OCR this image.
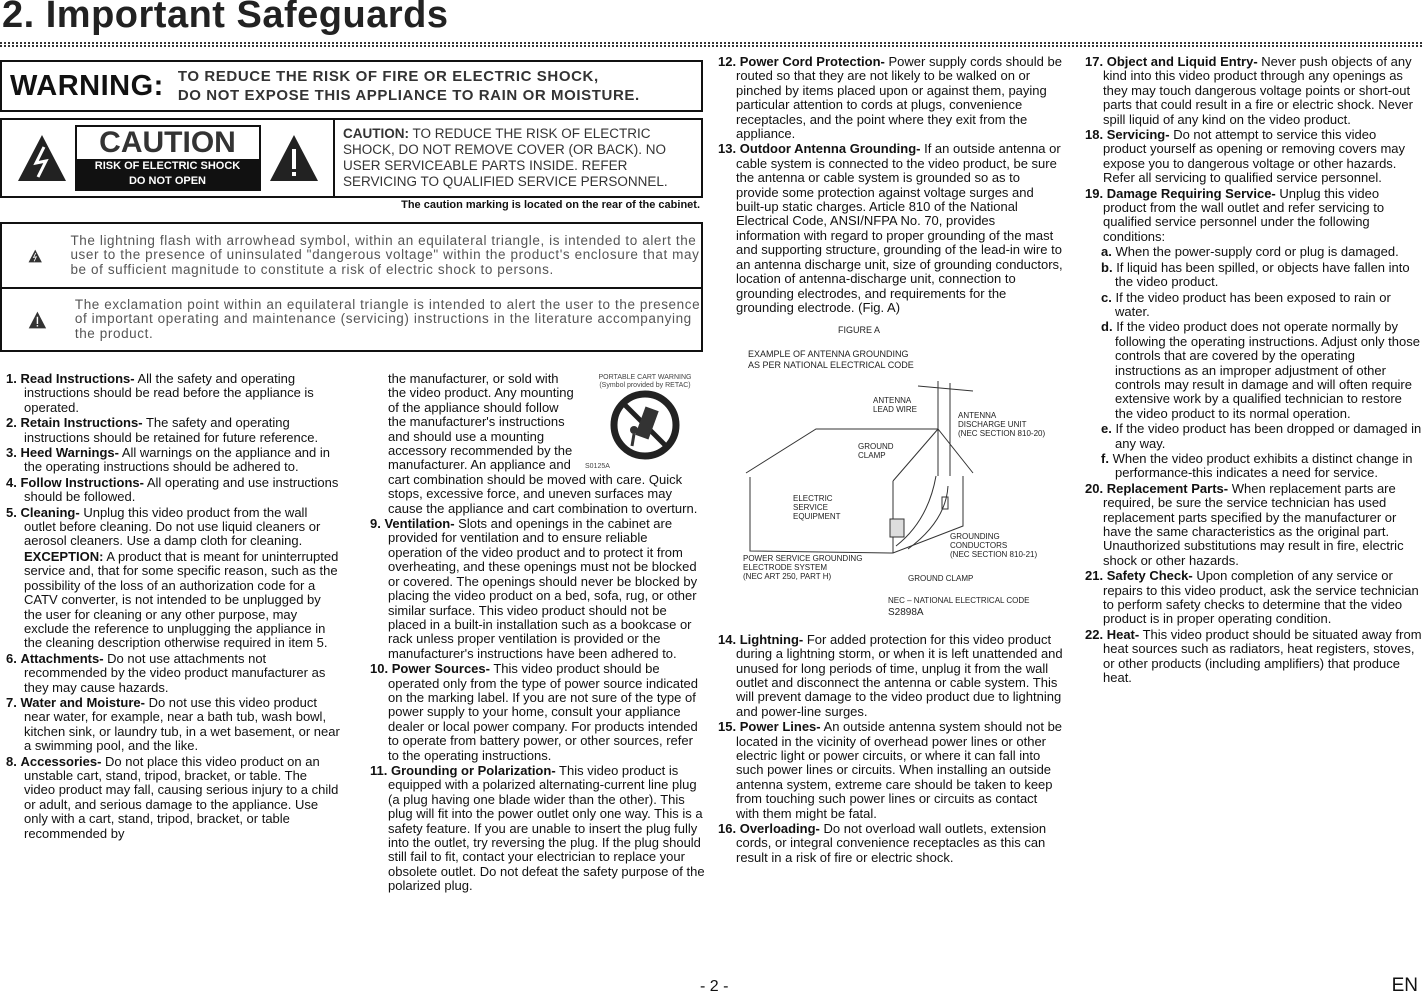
2. Important Safeguards
WARNING: TO REDUCE THE RISK OF FIRE OR ELECTRIC SHOCK,
DO NOT EXPOSE THIS APPLIANCE TO RAIN OR MOISTURE.
CAUTION
RISK OF ELECTRIC SHOCK
DO NOT OPEN
CAUTION: TO REDUCE THE RISK OF ELECTRIC SHOCK, DO NOT REMOVE COVER (OR BACK). NO USER SERVICEABLE PARTS INSIDE. REFER SERVICING TO QUALIFIED SERVICE PERSONNEL.
The caution marking is located on the rear of the cabinet.
The lightning flash with arrowhead symbol, within an equilateral triangle, is intended to alert the user to the presence of uninsulated "dangerous voltage" within the product's enclosure that may be of sufficient magnitude to constitute a risk of electric shock to persons.
The exclamation point within an equilateral triangle is intended to alert the user to the presence of important operating and maintenance (servicing) instructions in the literature accompanying the product.
1. Read Instructions- All the safety and operating instructions should be read before the appliance is operated.
2. Retain Instructions- The safety and operating instructions should be retained for future reference.
3. Heed Warnings- All warnings on the appliance and in the operating instructions should be adhered to.
4. Follow Instructions- All operating and use instructions should be followed.
5. Cleaning- Unplug this video product from the wall outlet before cleaning. Do not use liquid cleaners or aerosol cleaners. Use a damp cloth for cleaning.
EXCEPTION: A product that is meant for uninterrupted service and, that for some specific reason, such as the possibility of the loss of an authorization code for a CATV converter, is not intended to be unplugged by the user for cleaning or any other purpose, may exclude the reference to unplugging the appliance in the cleaning description otherwise required in item 5.
6. Attachments- Do not use attachments not recommended by the video product manufacturer as they may cause hazards.
7. Water and Moisture- Do not use this video product near water, for example, near a bath tub, wash bowl, kitchen sink, or laundry tub, in a wet basement, or near a swimming pool, and the like.
8. Accessories- Do not place this video product on an unstable cart, stand, tripod, bracket, or table. The video product may fall, causing serious injury to a child or adult, and serious damage to the appliance. Use only with a cart, stand, tripod, bracket, or table recommended by
PORTABLE CART WARNING
(Symbol provided by RETAC)
S0125A
the manufacturer, or sold with the video product. Any mounting of the appliance should follow the manufacturer's instructions and should use a mounting accessory recommended by the manufacturer. An appliance and cart combination should be moved with care. Quick stops, excessive force, and uneven surfaces may cause the appliance and cart combination to overturn.
9. Ventilation- Slots and openings in the cabinet are provided for ventilation and to ensure reliable operation of the video product and to protect it from overheating, and these openings must not be blocked or covered. The openings should never be blocked by placing the video product on a bed, sofa, rug, or other similar surface. This video product should not be placed in a built-in installation such as a bookcase or rack unless proper ventilation is provided or the manufacturer's instructions have been adhered to.
10. Power Sources- This video product should be operated only from the type of power source indicated on the marking label. If you are not sure of the type of power supply to your home, consult your appliance dealer or local power company. For products intended to operate from battery power, or other sources, refer to the operating instructions.
11. Grounding or Polarization- This video product is equipped with a polarized alternating-current line plug (a plug having one blade wider than the other). This plug will fit into the power outlet only one way. This is a safety feature. If you are unable to insert the plug fully into the outlet, try reversing the plug. If the plug should still fail to fit, contact your electrician to replace your obsolete outlet. Do not defeat the safety purpose of the polarized plug.
12. Power Cord Protection- Power supply cords should be routed so that they are not likely to be walked on or pinched by items placed upon or against them, paying particular attention to cords at plugs, convenience receptacles, and the point where they exit from the appliance.
13. Outdoor Antenna Grounding- If an outside antenna or cable system is connected to the video product, be sure the antenna or cable system is grounded so as to provide some protection against voltage surges and built-up static charges. Article 810 of the National Electrical Code, ANSI/NFPA No. 70, provides information with regard to proper grounding of the mast and supporting structure, grounding of the lead-in wire to an antenna discharge unit, size of grounding conductors, location of antenna-discharge unit, connection to grounding electrodes, and requirements for the grounding electrode. (Fig. A)
FIGURE A
EXAMPLE OF ANTENNA GROUNDING
AS PER NATIONAL ELECTRICAL CODE
ANTENNA
LEAD WIRE
ANTENNA
DISCHARGE UNIT
(NEC SECTION 810-20)
GROUND
CLAMP
ELECTRIC
SERVICE
EQUIPMENT
GROUNDING
CONDUCTORS
(NEC SECTION 810-21)
POWER SERVICE GROUNDING
ELECTRODE SYSTEM
(NEC ART 250, PART H)	GROUND CLAMP
NEC – NATIONAL ELECTRICAL CODE
S2898A
14. Lightning- For added protection for this video product during a lightning storm, or when it is left unattended and unused for long periods of time, unplug it from the wall outlet and disconnect the antenna or cable system. This will prevent damage to the video product due to lightning and power-line surges.
15. Power Lines- An outside antenna system should not be located in the vicinity of overhead power lines or other electric light or power circuits, or where it can fall into such power lines or circuits. When installing an outside antenna system, extreme care should be taken to keep from touching such power lines or circuits as contact with them might be fatal.
16. Overloading- Do not overload wall outlets, extension cords, or integral convenience receptacles as this can result in a risk of fire or electric shock.
17. Object and Liquid Entry- Never push objects of any kind into this video product through any openings as they may touch dangerous voltage points or short-out parts that could result in a fire or electric shock. Never spill liquid of any kind on the video product.
18. Servicing- Do not attempt to service this video product yourself as opening or removing covers may expose you to dangerous voltage or other hazards. Refer all servicing to qualified service personnel.
19. Damage Requiring Service- Unplug this video product from the wall outlet and refer servicing to qualified service personnel under the following conditions:
a. When the power-supply cord or plug is damaged.
b. If liquid has been spilled, or objects have fallen into the video product.
c. If the video product has been exposed to rain or water.
d. If the video product does not operate normally by following the operating instructions. Adjust only those controls that are covered by the operating instructions as an improper adjustment of other controls may result in damage and will often require extensive work by a qualified technician to restore the video product to its normal operation.
e. If the video product has been dropped or damaged in any way.
f. When the video product exhibits a distinct change in performance-this indicates a need for service.
20. Replacement Parts- When replacement parts are required, be sure the service technician has used replacement parts specified by the manufacturer or have the same characteristics as the original part. Unauthorized substitutions may result in fire, electric shock or other hazards.
21. Safety Check- Upon completion of any service or repairs to this video product, ask the service technician to perform safety checks to determine that the video product is in proper operating condition.
22. Heat- This video product should be situated away from heat sources such as radiators, heat registers, stoves, or other products (including amplifiers) that produce heat.
- 2 -	EN
